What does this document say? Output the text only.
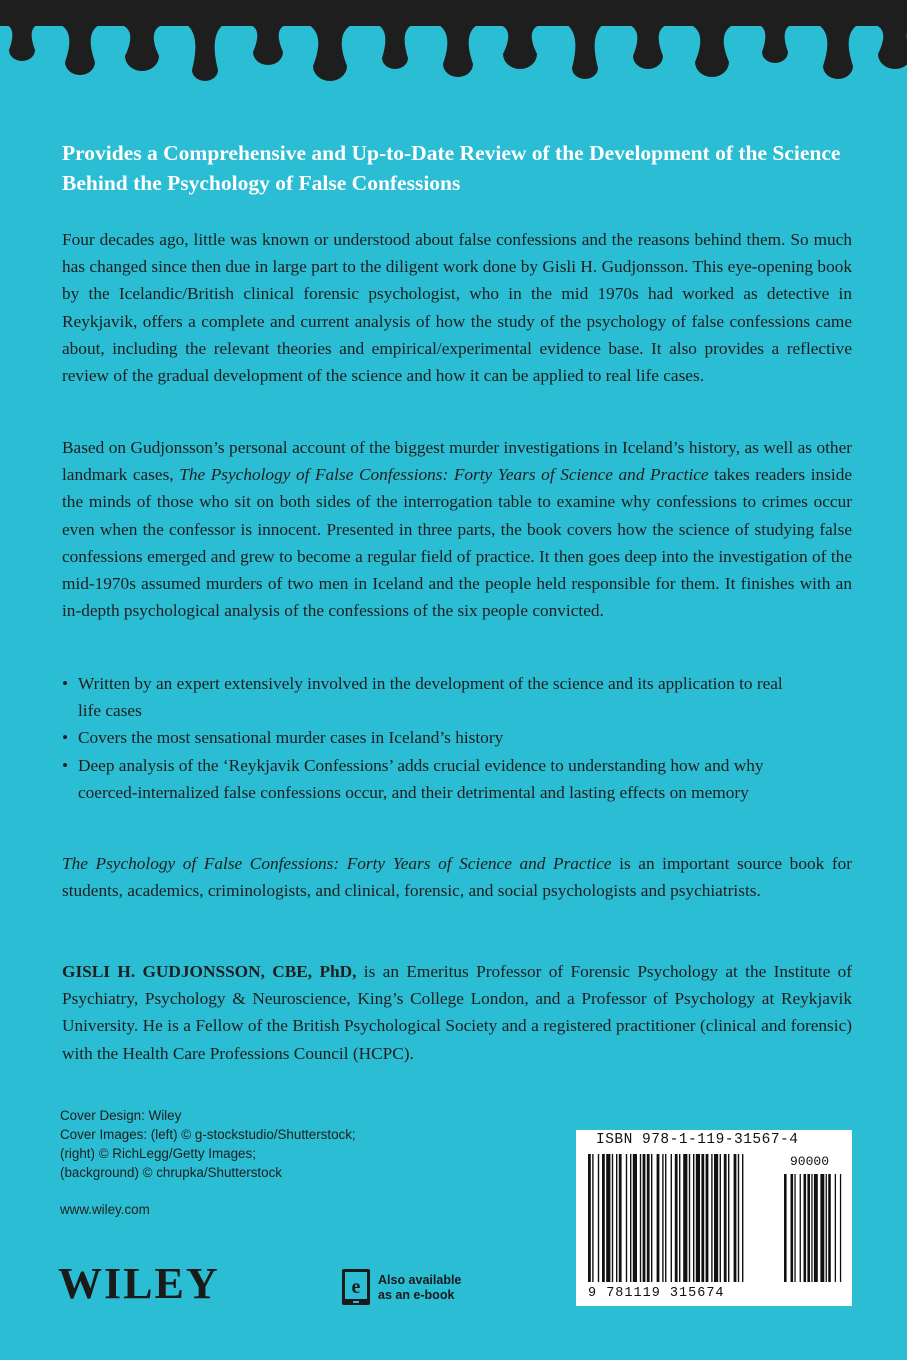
Provides a Comprehensive and Up-to-Date Review of the Development of the Science Behind the Psychology of False Confessions

Four decades ago, little was known or understood about false confessions and the reasons behind them. So much has changed since then due in large part to the diligent work done by Gisli H. Gudjonsson. This eye-opening book by the Icelandic/British clinical forensic psychologist, who in the mid 1970s had worked as detective in Reykjavik, offers a complete and current analysis of how the study of the psychology of false confessions came about, including the relevant theories and empirical/experimental evidence base. It also provides a reflective review of the gradual development of the science and how it can be applied to real life cases.

Based on Gudjonsson’s personal account of the biggest murder investigations in Iceland’s history, as well as other landmark cases, The Psychology of False Confessions: Forty Years of Science and Practice takes readers inside the minds of those who sit on both sides of the interrogation table to examine why confessions to crimes occur even when the confessor is innocent. Presented in three parts, the book covers how the science of studying false confessions emerged and grew to become a regular field of practice. It then goes deep into the investigation of the mid-1970s assumed murders of two men in Iceland and the people held responsible for them. It finishes with an in-depth psychological analysis of the confessions of the six people convicted.

• Written by an expert extensively involved in the development of the science and its application to real life cases
• Covers the most sensational murder cases in Iceland’s history
• Deep analysis of the ‘Reykjavik Confessions’ adds crucial evidence to understanding how and why coerced-internalized false confessions occur, and their detrimental and lasting effects on memory

The Psychology of False Confessions: Forty Years of Science and Practice is an important source book for students, academics, criminologists, and clinical, forensic, and social psychologists and psychiatrists.

GISLI H. GUDJONSSON, CBE, PhD, is an Emeritus Professor of Forensic Psychology at the Institute of Psychiatry, Psychology & Neuroscience, King’s College London, and a Professor of Psychology at Reykjavik University. He is a Fellow of the British Psychological Society and a registered practitioner (clinical and forensic) with the Health Care Professions Council (HCPC).

Cover Design: Wiley
Cover Images: (left) © g-stockstudio/Shutterstock;
(right) © RichLegg/Getty Images;
(background) © chrupka/Shutterstock
www.wiley.com
WILEY	e Also available
as an e-book
ISBN 978-1-119-31567-4
90000
9 781119 315674
